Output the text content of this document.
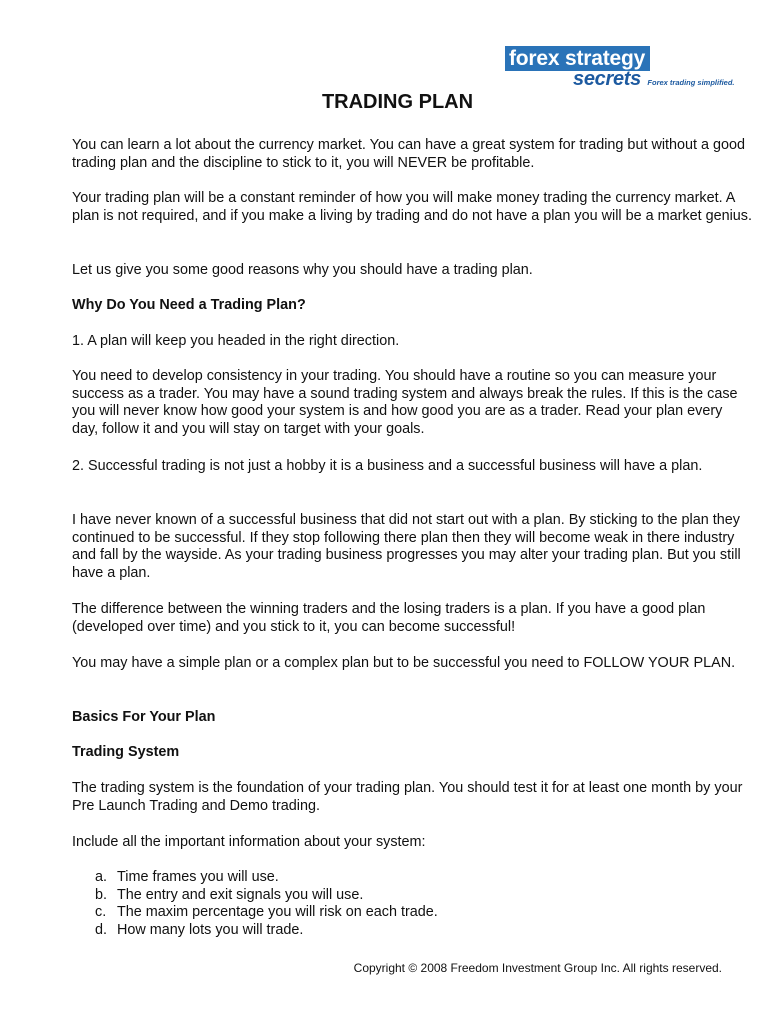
forex strategy
secrets Forex trading simplified.
TRADING PLAN

You can learn a lot about the currency market. You can have a great system for trading but without a good trading plan and the discipline to stick to it, you will NEVER be profitable.

Your trading plan will be a constant reminder of how you will make money trading the currency market. A plan is not required, and if you make a living by trading and do not have a plan you will be a market genius.

Let us give you some good reasons why you should have a trading plan.

Why Do You Need a Trading Plan?

1. A plan will keep you headed in the right direction.

You need to develop consistency in your trading. You should have a routine so you can measure your success as a trader. You may have a sound trading system and always break the rules. If this is the case you will never know how good your system is and how good you are as a trader. Read your plan every day, follow it and you will stay on target with your goals.

2. Successful trading is not just a hobby it is a business and a successful business will have a plan.

I have never known of a successful business that did not start out with a plan. By sticking to the plan they continued to be successful. If they stop following there plan then they will become weak in there industry and fall by the wayside. As your trading business progresses you may alter your trading plan. But you still have a plan.

The difference between the winning traders and the losing traders is a plan. If you have a good plan (developed over time) and you stick to it, you can become successful!

You may have a simple plan or a complex plan but to be successful you need to FOLLOW YOUR PLAN.

Basics For Your Plan

Trading System

The trading system is the foundation of your trading plan. You should test it for at least one month by your Pre Launch Trading and Demo trading.

Include all the important information about your system:

a. Time frames you will use.
b. The entry and exit signals you will use.
c. The maxim percentage you will risk on each trade.
d. How many lots you will trade.

Copyright © 2008 Freedom Investment Group Inc. All rights reserved.
